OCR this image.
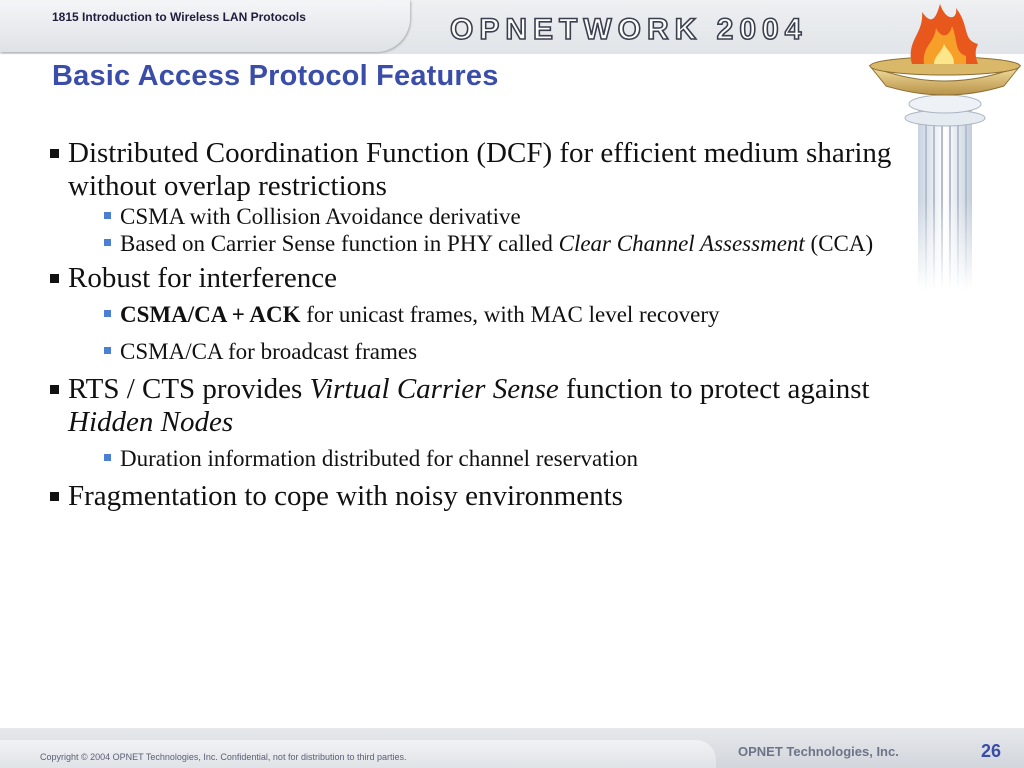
1815 Introduction to Wireless LAN Protocols	OPNETWORK 2004
Basic Access Protocol Features
Distributed Coordination Function (DCF) for efficient medium sharing without overlap restrictions
CSMA with Collision Avoidance derivative
Based on Carrier Sense function in PHY called Clear Channel Assessment (CCA)
Robust for interference
CSMA/CA + ACK for unicast frames, with MAC level recovery
CSMA/CA for broadcast frames
RTS / CTS provides Virtual Carrier Sense function to protect against Hidden Nodes
Duration information distributed for channel reservation
Fragmentation to cope with noisy environments
Copyright © 2004 OPNET Technologies, Inc. Confidential, not for distribution to third parties.	OPNET Technologies, Inc.	26
